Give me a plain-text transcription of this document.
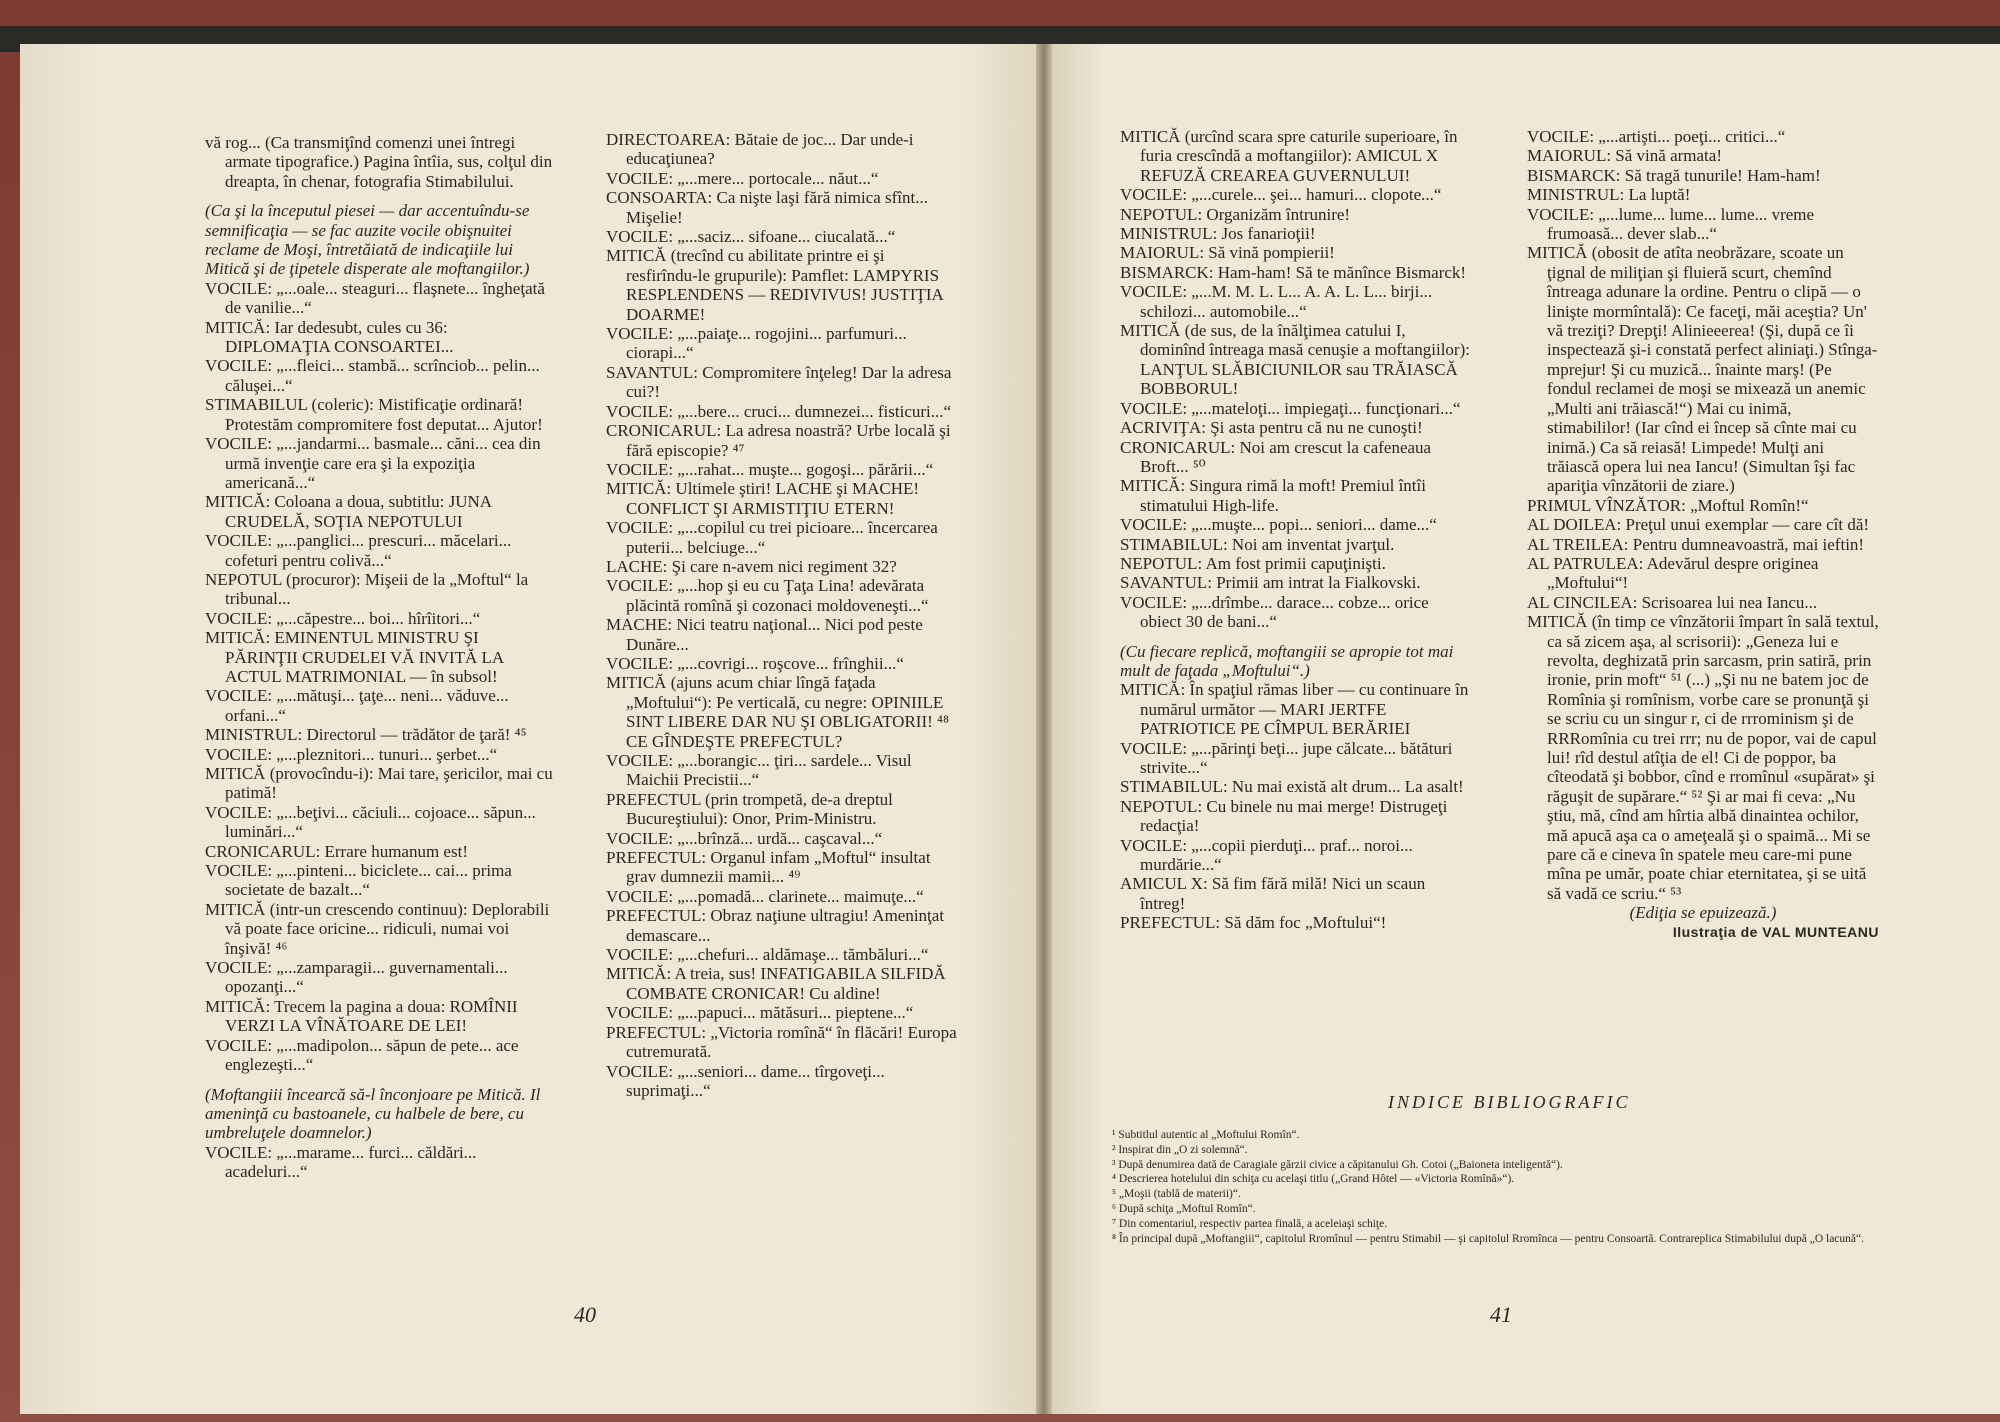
vă rog... (Ca transmiţînd comenzi unei întregi armate tipografice.) Pagina întîia, sus, colţul din dreapta, în chenar, fotografia Stimabilului.

(Ca şi la începutul piesei — dar accentuîndu-se semnificaţia — se fac auzite vocile obişnuitei reclame de Moşi, întretăiată de indicaţiile lui Mitică şi de ţipetele disperate ale moftangiilor.)

VOCILE: „...oale... steaguri... flaşnete... îngheţată de vanilie...“

MITICĂ: Iar dedesubt, cules cu 36: DIPLOMAŢIA CONSOARTEI...

VOCILE: „...fleici... stambă... scrînciob... pelin... căluşei...“

STIMABILUL (coleric): Mistificaţie ordinară! Protestăm compromitere fost deputat... Ajutor!

VOCILE: „...jandarmi... basmale... căni... cea din urmă invenţie care era şi la expoziţia americană...“

MITICĂ: Coloana a doua, subtitlu: JUNA CRUDELĂ, SOŢIA NEPOTULUI

VOCILE: „...panglici... prescuri... măcelari... cofeturi pentru colivă...“

NEPOTUL (procuror): Mişeii de la „Moftul“ la tribunal...

VOCILE: „...căpestre... boi... hîrîitori...“

MITICĂ: EMINENTUL MINISTRU ŞI PĂRINŢII CRUDELEI VĂ INVITĂ LA ACTUL MATRIMONIAL — în subsol!

VOCILE: „...mătuşi... ţaţe... neni... văduve... orfani...“

MINISTRUL: Directorul — trădător de ţară! ⁴⁵

VOCILE: „...pleznitori... tunuri... şerbet...“

MITICĂ (provocîndu-i): Mai tare, şericilor, mai cu patimă!

VOCILE: „...beţivi... căciuli... cojoace... săpun... luminări...“

CRONICARUL: Errare humanum est!

VOCILE: „...pinteni... biciclete... cai... prima societate de bazalt...“

MITICĂ (intr-un crescendo continuu): Deplorabili vă poate face oricine... ridiculi, numai voi înşivă! ⁴⁶

VOCILE: „...zamparagii... guvernamentali... opozanţi...“

MITICĂ: Trecem la pagina a doua: ROMÎNII VERZI LA VÎNĂTOARE DE LEI!

VOCILE: „...madipolon... săpun de pete... ace englezeşti...“

(Moftangiii încearcă să-l înconjoare pe Mitică. Il ameninţă cu bastoanele, cu halbele de bere, cu umbreluţele doamnelor.)

VOCILE: „...marame... furci... căldări... acadeluri...“

DIRECTOAREA: Bătaie de joc... Dar unde-i educaţiunea?

VOCILE: „...mere... portocale... năut...“

CONSOARTA: Ca nişte laşi fără nimica sfînt... Mişelie!

VOCILE: „...saciz... sifoane... ciucalată...“

MITICĂ (trecînd cu abilitate printre ei şi resfirîndu-le grupurile): Pamflet: LAMPYRIS RESPLENDENS — REDIVIVUS! JUSTIŢIA DOARME!

VOCILE: „...paiaţe... rogojini... parfumuri... ciorapi...“

SAVANTUL: Compromitere înţeleg! Dar la adresa cui?!

VOCILE: „...bere... cruci... dumnezei... fisticuri...“

CRONICARUL: La adresa noastră? Urbe locală şi fără episcopie? ⁴⁷

VOCILE: „...rahat... muşte... gogoşi... părării...“

MITICĂ: Ultimele ştiri! LACHE şi MACHE! CONFLICT ŞI ARMISTIŢIU ETERN!

VOCILE: „...copilul cu trei picioare... încercarea puterii... belciuge...“

LACHE: Şi care n-avem nici regiment 32?

VOCILE: „...hop şi eu cu Ţaţa Lina! adevărata plăcintă romînă şi cozonaci moldoveneşti...“

MACHE: Nici teatru naţional... Nici pod peste Dunăre...

VOCILE: „...covrigi... roşcove... frînghii...“

MITICĂ (ajuns acum chiar lîngă faţada „Moftului“): Pe verticală, cu negre: OPINIILE SINT LIBERE DAR NU ŞI OBLIGATORII! ⁴⁸ CE GÎNDEŞTE PREFECTUL?

VOCILE: „...borangic... ţiri... sardele... Visul Maichii Precistii...“

PREFECTUL (prin trompetă, de-a dreptul Bucureştiului): Onor, Prim-Ministru.

VOCILE: „...brînză... urdă... caşcaval...“

PREFECTUL: Organul infam „Moftul“ insultat grav dumnezii mamii... ⁴⁹

VOCILE: „...pomadă... clarinete... maimuţe...“

PREFECTUL: Obraz naţiune ultragiu! Ameninţat demascare...

VOCILE: „...chefuri... aldămaşe... tămbăluri...“

MITICĂ: A treia, sus! INFATIGABILA SILFIDĂ COMBATE CRONICAR! Cu aldine!

VOCILE: „...papuci... mătăsuri... pieptene...“

PREFECTUL: „Victoria romînă“ în flăcări! Europa cutremurată.

VOCILE: „...seniori... dame... tîrgoveţi... suprimaţi...“

MITICĂ (urcînd scara spre caturile superioare, în furia crescîndă a moftangiilor): AMICUL X REFUZĂ CREAREA GUVERNULUI!

VOCILE: „...curele... şei... hamuri... clopote...“

NEPOTUL: Organizăm întrunire!

MINISTRUL: Jos fanarioţii!

MAIORUL: Să vină pompierii!

BISMARCK: Ham-ham! Să te mănînce Bismarck!

VOCILE: „...M. M. L. L... A. A. L. L... birji... schilozi... automobile...“

MITICĂ (de sus, de la înălţimea catului I, dominînd întreaga masă cenuşie a moftangiilor): LANŢUL SLĂBICIUNILOR sau TRĂIASCĂ BOBBORUL!

VOCILE: „...mateloţi... impiegaţi... funcţionari...“

ACRIVIŢA: Şi asta pentru că nu ne cunoşti!

CRONICARUL: Noi am crescut la cafeneaua Broft... ⁵⁰

MITICĂ: Singura rimă la moft! Premiul întîi stimatului High-life.

VOCILE: „...muşte... popi... seniori... dame...“

STIMABILUL: Noi am inventat jvarţul.

NEPOTUL: Am fost primii capuţinişti.

SAVANTUL: Primii am intrat la Fialkovski.

VOCILE: „...drîmbe... darace... cobze... orice obiect 30 de bani...“

(Cu fiecare replică, moftangiii se apropie tot mai mult de faţada „Moftului“.)

MITICĂ: În spaţiul rămas liber — cu continuare în numărul următor — MARI JERTFE PATRIOTICE PE CÎMPUL BERĂRIEI

VOCILE: „...părinţi beţi... jupe călcate... bătături strivite...“

STIMABILUL: Nu mai există alt drum... La asalt!

NEPOTUL: Cu binele nu mai merge! Distrugeţi redacţia!

VOCILE: „...copii pierduţi... praf... noroi... murdărie...“

AMICUL X: Să fim fără milă! Nici un scaun întreg!

PREFECTUL: Să dăm foc „Moftului“!

VOCILE: „...artişti... poeţi... critici...“

MAIORUL: Să vină armata!

BISMARCK: Să tragă tunurile! Ham-ham!

MINISTRUL: La luptă!

VOCILE: „...lume... lume... lume... vreme frumoasă... dever slab...“

MITICĂ (obosit de atîta neobrăzare, scoate un ţignal de miliţian şi fluieră scurt, chemînd întreaga adunare la ordine. Pentru o clipă — o linişte mormîntală): Ce faceţi, măi aceştia? Un' vă treziţi? Drepţi! Alinieeerea! (Şi, după ce îi inspectează şi-i constată perfect aliniaţi.) Stînga-mprejur! Şi cu muzică... înainte marş! (Pe fondul reclamei de moşi se mixează un anemic „Multi ani trăiască!“) Mai cu inimă, stimabililor! (Iar cînd ei încep să cînte mai cu inimă.) Ca să reiasă! Limpede! Mulţi ani trăiască opera lui nea Iancu! (Simultan îşi fac apariţia vînzătorii de ziare.)

PRIMUL VÎNZĂTOR: „Moftul Romîn!“

AL DOILEA: Preţul unui exemplar — care cît dă!

AL TREILEA: Pentru dumneavoastră, mai ieftin!

AL PATRULEA: Adevărul despre originea „Moftului“!

AL CINCILEA: Scrisoarea lui nea Iancu...

MITICĂ (în timp ce vînzătorii împart în sală textul, ca să zicem aşa, al scrisorii): „Geneza lui e revolta, deghizată prin sarcasm, prin satiră, prin ironie, prin moft“ ⁵¹ (...) „Şi nu ne batem joc de Romînia şi romînism, vorbe care se pronunţă şi se scriu cu un singur r, ci de rrrominism şi de RRRomînia cu trei rrr; nu de popor, vai de capul lui! rîd destul atîţia de el! Ci de poppor, ba cîteodată şi bobbor, cînd e rromînul «supărat» şi răguşit de supărare.“ ⁵² Şi ar mai fi ceva: „Nu ştiu, mă, cînd am hîrtia albă dinaintea ochilor, mă apucă aşa ca o ameţeală şi o spaimă... Mi se pare că e cineva în spatele meu care-mi pune mîna pe umăr, poate chiar eternitatea, şi se uită să vadă ce scriu.“ ⁵³

(Ediţia se epuizează.)

Ilustraţia de VAL MUNTEANU

40	41
INDICE BIBLIOGRAFIC

¹ Subtitlul autentic al „Moftului Romîn“.

² Inspirat din „O zi solemnă“.

³ După denumirea dată de Caragiale gărzii civice a căpitanului Gh. Cotoi („Baioneta inteligentă“).

⁴ Descrierea hotelului din schiţa cu acelaşi titlu („Grand Hôtel — «Victoria Romînă»“).

⁵ „Moşii (tablă de materii)“.

⁶ După schiţa „Moftul Romîn“.

⁷ Din comentariul, respectiv partea finală, a aceleiaşi schiţe.

⁸ În principal după „Moftangiii“, capitolul Rromînul — pentru Stimabil — şi capitolul Rromînca — pentru Consoartă. Contrareplica Stimabilului după „O lacună“.
